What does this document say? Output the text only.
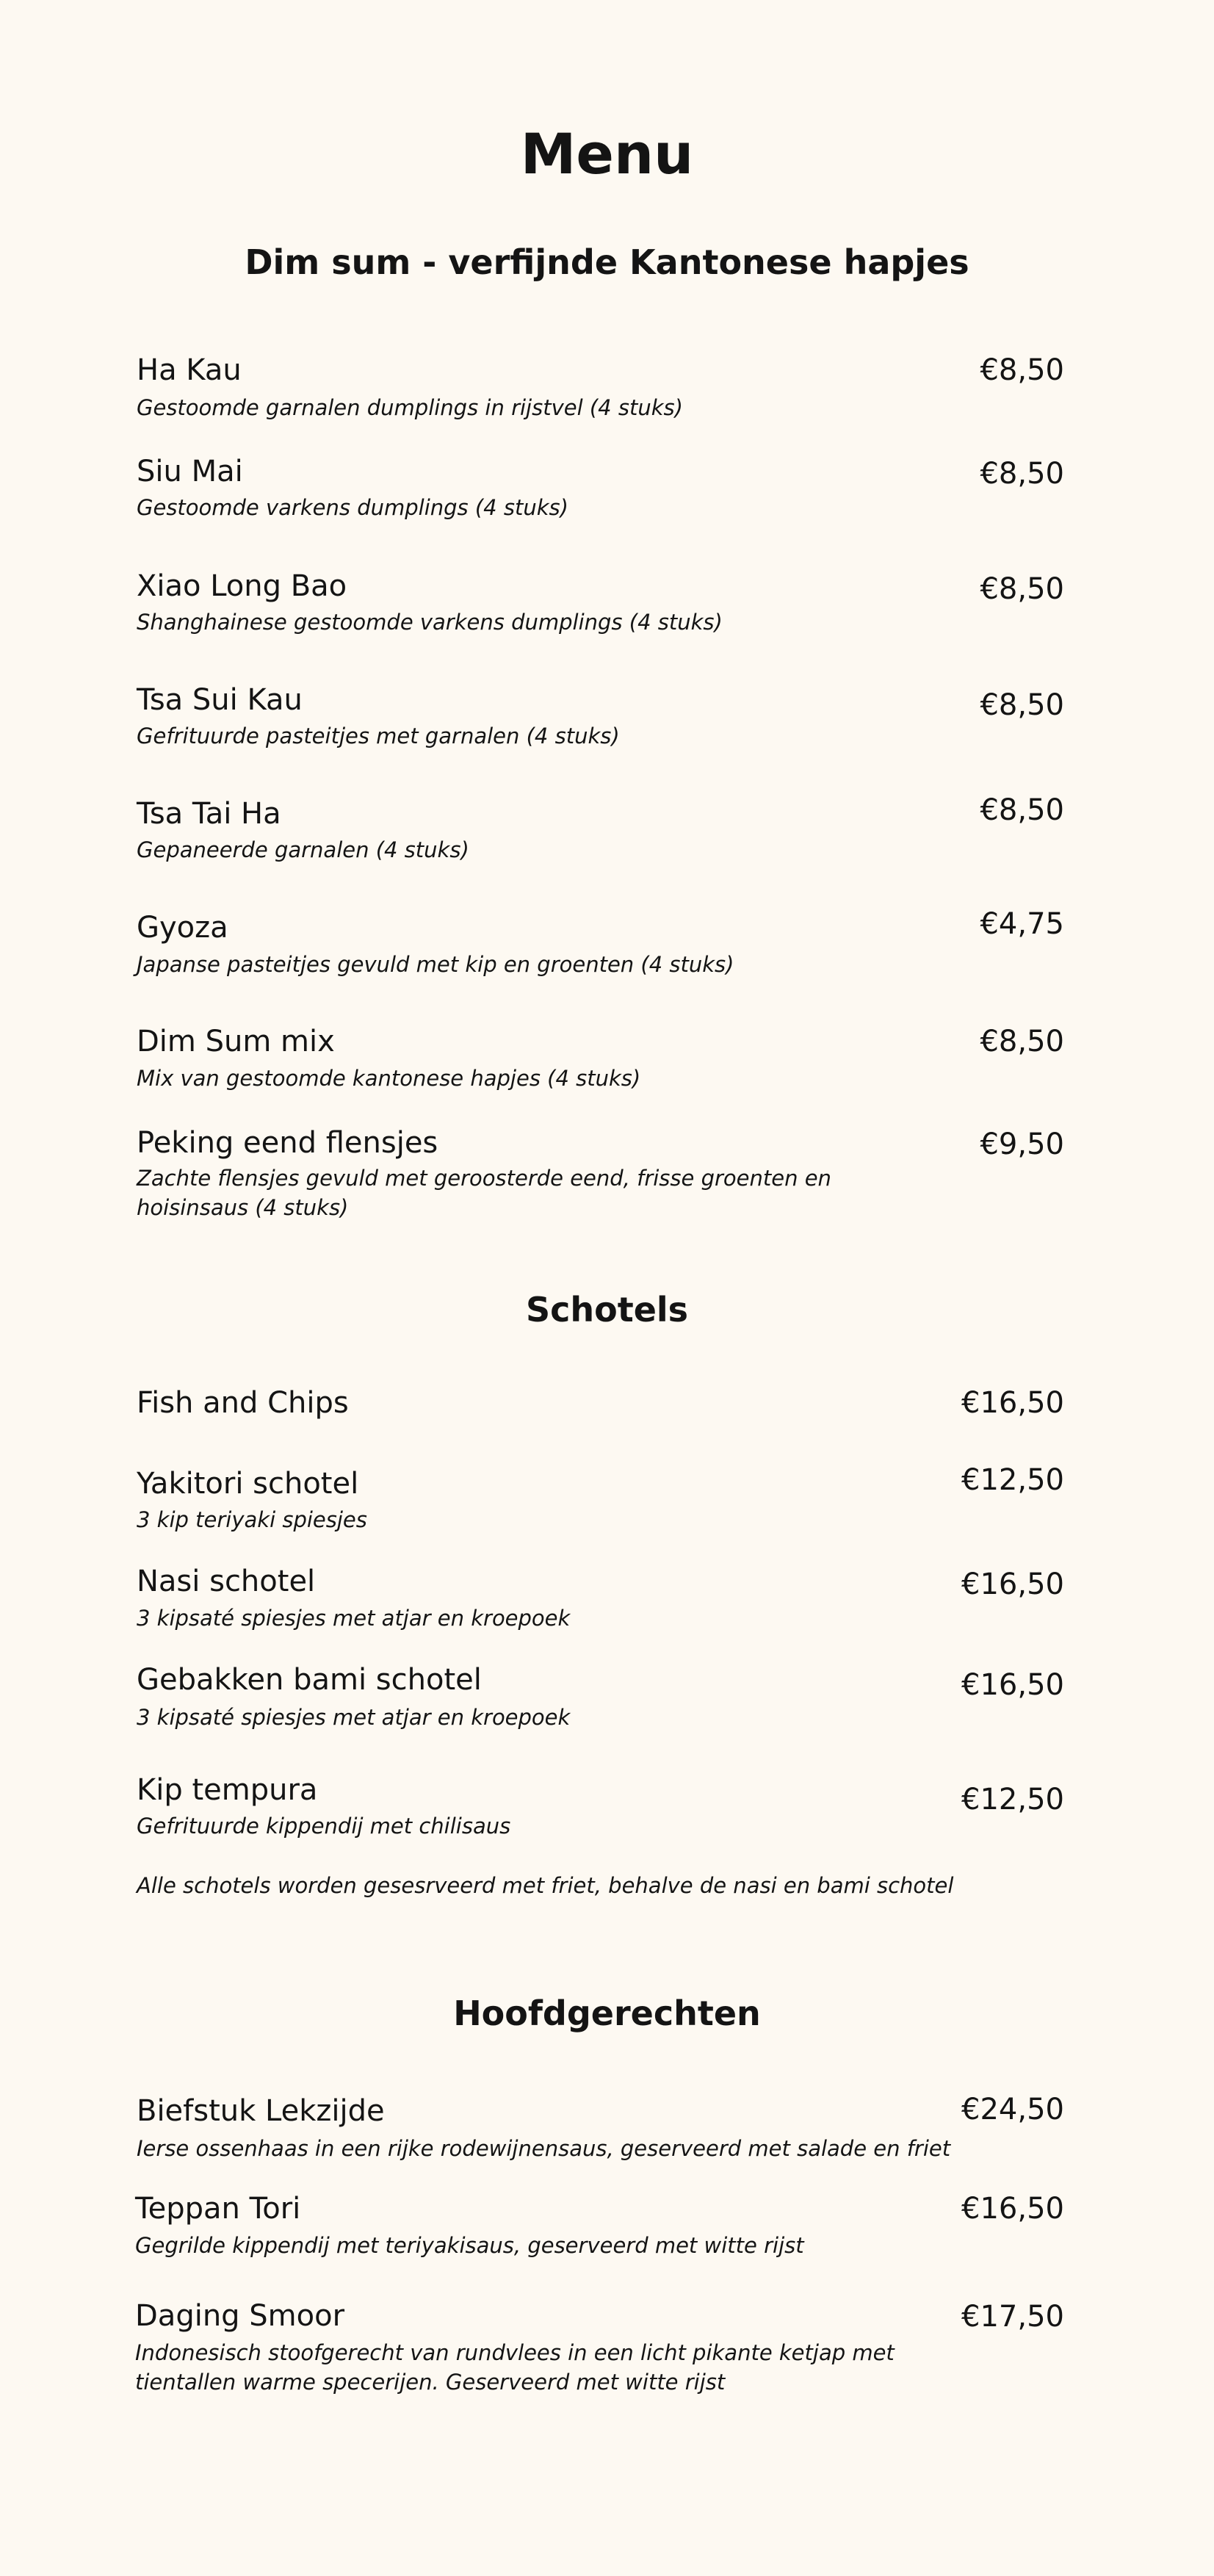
Menu
Dim sum - verfijnde Kantonese hapjes
Ha Kau	€8,50
Gestoomde garnalen dumplings in rijstvel (4 stuks)
Siu Mai	€8,50
Gestoomde varkens dumplings (4 stuks)
Xiao Long Bao	€8,50
Shanghainese gestoomde varkens dumplings (4 stuks)
Tsa Sui Kau	€8,50
Gefrituurde pasteitjes met garnalen (4 stuks)
Tsa Tai Ha	€8,50
Gepaneerde garnalen (4 stuks)
Gyoza	€4,75
Japanse pasteitjes gevuld met kip en groenten (4 stuks)
Dim Sum mix	€8,50
Mix van gestoomde kantonese hapjes (4 stuks)
Peking eend flensjes	€9,50
Zachte flensjes gevuld met geroosterde eend, frisse groenten en hoisinsaus (4 stuks)
Schotels
Fish and Chips	€16,50
Yakitori schotel	€12,50
3 kip teriyaki spiesjes
Nasi schotel	€16,50
3 kipsaté spiesjes met atjar en kroepoek
Gebakken bami schotel	€16,50
3 kipsaté spiesjes met atjar en kroepoek
Kip tempura	€12,50
Gefrituurde kippendij met chilisaus
Alle schotels worden gesesrveerd met friet, behalve de nasi en bami schotel
Hoofdgerechten
Biefstuk Lekzijde	€24,50
Ierse ossenhaas in een rijke rodewijnensaus, geserveerd met salade en friet
Teppan Tori	€16,50
Gegrilde kippendij met teriyakisaus, geserveerd met witte rijst
Daging Smoor	€17,50
Indonesisch stoofgerecht van rundvlees in een licht pikante ketjap met tientallen warme specerijen. Geserveerd met witte rijst
